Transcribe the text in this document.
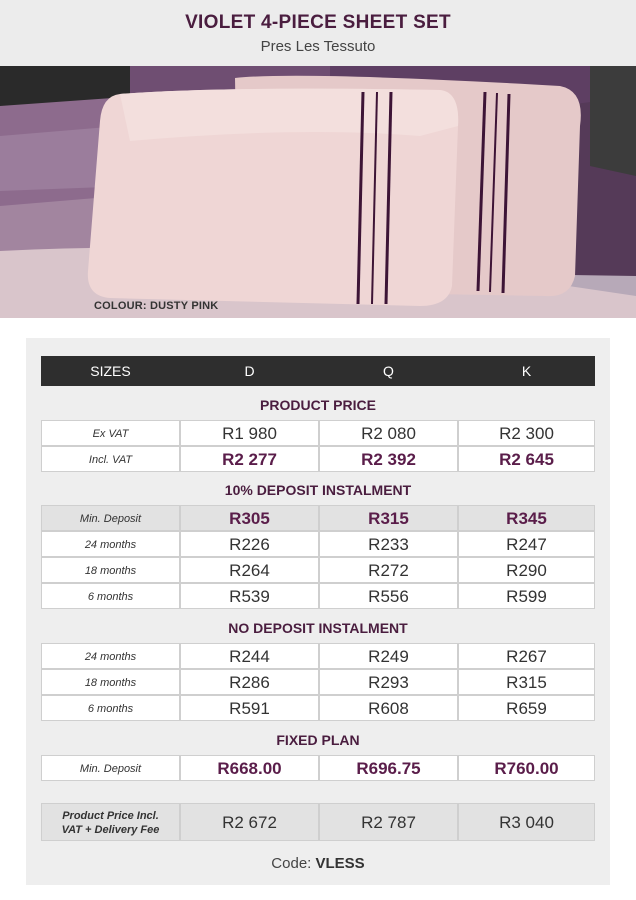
VIOLET 4-PIECE SHEET SET
Pres Les Tessuto
COLOUR: DUSTY PINK
SIZES	D	Q	K
PRODUCT PRICE
Ex VAT	R1 980	R2 080	R2 300
Incl. VAT	R2 277	R2 392	R2 645
10% DEPOSIT INSTALMENT
Min. Deposit	R305	R315	R345
24 months	R226	R233	R247
18 months	R264	R272	R290
6 months	R539	R556	R599
NO DEPOSIT INSTALMENT
24 months	R244	R249	R267
18 months	R286	R293	R315
6 months	R591	R608	R659
FIXED PLAN
Min. Deposit	R668.00	R696.75	R760.00
Product Price Incl.
VAT + Delivery Fee	R2 672	R2 787	R3 040
Code: VLESS
